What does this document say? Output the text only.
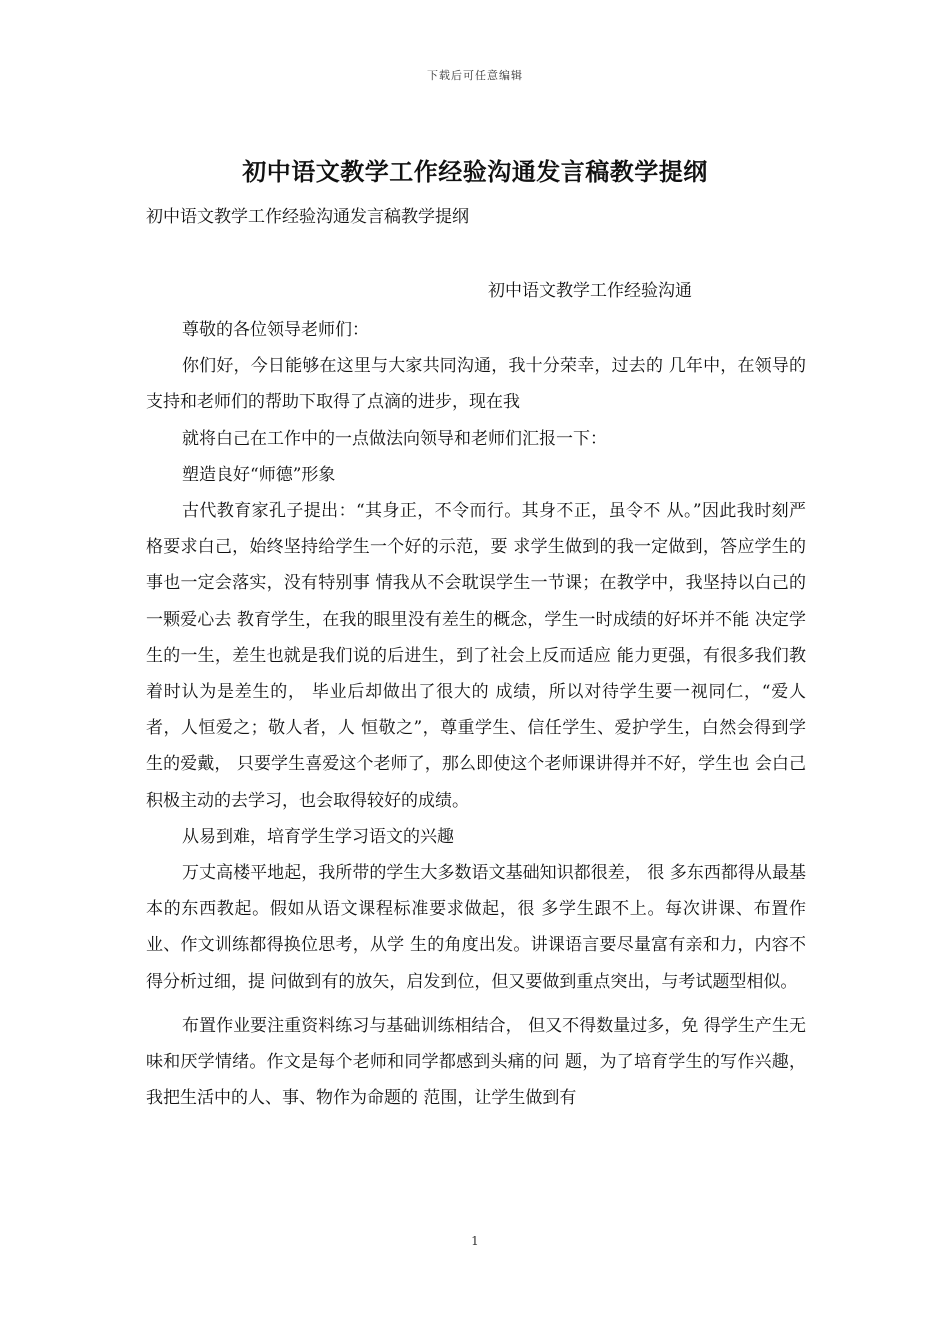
下载后可任意编辑
初中语文教学工作经验沟通发言稿教学提纲
初中语文教学工作经验沟通发言稿教学提纲
初中语文教学工作经验沟通

尊敬的各位领导老师们：

你们好，今日能够在这里与大家共同沟通，我十分荣幸，过去的 几年中，在领导的支持和老师们的帮助下取得了点滴的进步，现在我

就将白己在工作中的一点做法向领导和老师们汇报一下：

塑造良好“师德”形象

古代教育家孔子提出：“其身正，不令而行。其身不正，虽令不 从。”因此我时刻严格要求白己，始终坚持给学生一个好的示范，要 求学生做到的我一定做到，答应学生的事也一定会落实，没有特别事 情我从不会耽误学生一节课；在教学中，我坚持以白己的一颗爱心去 教育学生，在我的眼里没有差生的概念，学生一时成绩的好坏并不能 决定学生的一生，差生也就是我们说的后进生，到了社会上反而适应 能力更强，有很多我们教着时认为是差生的， 毕业后却做出了很大的 成绩，所以对待学生要一视同仁，“爱人者，人恒爱之；敬人者，人 恒敬之”，尊重学生、信任学生、爱护学生，白然会得到学生的爱戴， 只要学生喜爱这个老师了，那么即使这个老师课讲得并不好，学生也 会白己积极主动的去学习，也会取得较好的成绩。

从易到难，培育学生学习语文的兴趣

万丈高楼平地起，我所带的学生大多数语文基础知识都很差， 很 多东西都得从最基本的东西教起。假如从语文课程标准要求做起，很 多学生跟不上。每次讲课、布置作业、作文训练都得换位思考，从学 生的角度出发。讲课语言要尽量富有亲和力，内容不得分析过细，提 问做到有的放矢，启发到位，但又要做到重点突出，与考试题型相似。

布置作业要注重资料练习与基础训练相结合， 但又不得数量过多，免 得学生产生无味和厌学情绪。作文是每个老师和同学都感到头痛的问 题，为了培育学生的写作兴趣，我把生活中的人、事、物作为命题的 范围，让学生做到有

1
